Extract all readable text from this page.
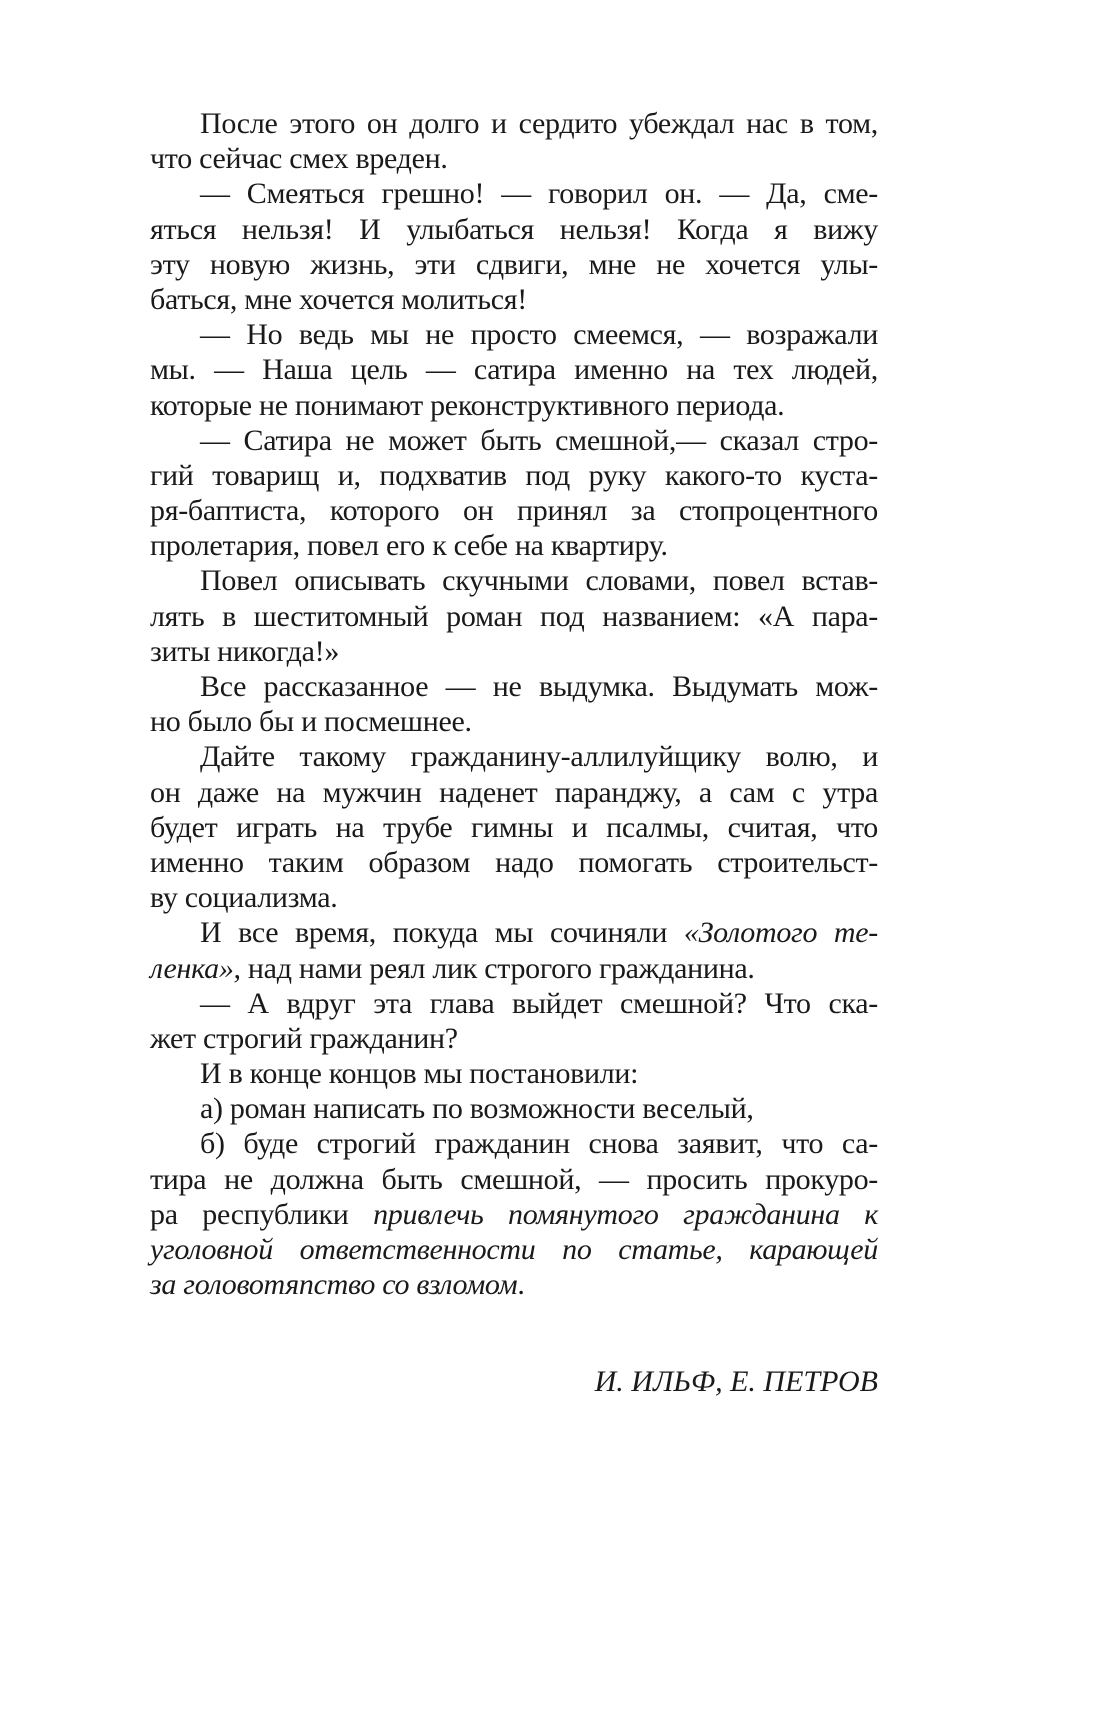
После этого он долго и сердито убеждал нас в том,
что сейчас смех вреден.
— Смеяться грешно! — говорил он. — Да, сме-
яться нельзя! И улыбаться нельзя! Когда я вижу
эту новую жизнь, эти сдвиги, мне не хочется улы-
баться, мне хочется молиться!
— Но ведь мы не просто смеемся, — возражали
мы. — Наша цель — сатира именно на тех людей,
которые не понимают реконструктивного периода.
— Сатира не может быть смешной,— сказал стро-
гий товарищ и, подхватив под руку какого-то куста-
ря-баптиста, которого он принял за стопроцентного
пролетария, повел его к себе на квартиру.
Повел описывать скучными словами, повел встав-
лять в шеститомный роман под названием: «А пара-
зиты никогда!»
Все рассказанное — не выдумка. Выдумать мож-
но было бы и посмешнее.
Дайте такому гражданину-аллилуйщику волю, и
он даже на мужчин наденет паранджу, а сам с утра
будет играть на трубе гимны и псалмы, считая, что
именно таким образом надо помогать строительст-
ву социализма.
И все время, покуда мы сочиняли «Золотого те-
ленка», над нами реял лик строгого гражданина.
— А вдруг эта глава выйдет смешной? Что ска-
жет строгий гражданин?
И в конце концов мы постановили:
а) роман написать по возможности веселый,
б) буде строгий гражданин снова заявит, что са-
тира не должна быть смешной, — просить прокуро-
ра республики привлечь помянутого гражданина к
уголовной ответственности по статье, карающей
за головотяпство со взломом.
И. ИЛЬФ, Е. ПЕТРОВ
